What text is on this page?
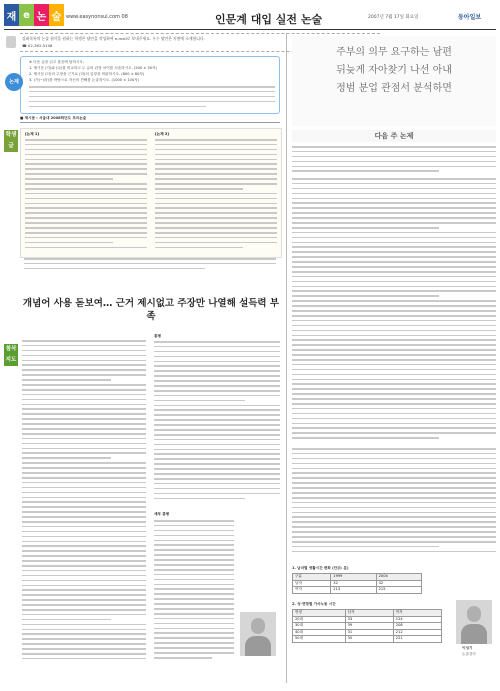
재 e 논 술 www.easynonsul.com 08	인문계 대입 실전 논술	2007년 7월 17일 화요일	동아일보
강좌목록의 논술 첨삭을 원하는 학생은 답안을 작성하여 e-mail로 보내주세요. 우수 답안은 지면에 소개합니다.
☎ 02-362-5108
논제
※ 다음 글을 읽고 물음에 답하시오.
1. 제시문 (가)와 (나)를 비교하고 두 글의 관점 차이를 서술하시오. (500 ± 50자)
2. 제시문 (다)의 주장을 근거로 (라)의 입장을 비판하시오. (800 ± 80자)
3. (가)~(라)를 바탕으로 자신의 견해를 논술하시오. (1000 ± 100자)
■ 제시문 : 서울대 2008학년도 모의논술
학생글
[논제 1]	[논제 2]
개념어 사용 돋보여… 근거 제시없고 주장만 나열해 설득력 부족
첨삭지도
총평
세부 총평
주부의 의무 요구하는 남편
뒤늦게 자아찾기 나선 아내
정범 분업 관점서 분석하면
다음 주 논제
1. 남녀별 생활시간 변화 (단위: 분)
구분	1999	2004
남자	32	32
여자	213	215
2. 성·연령별 가사노동 시간
연령	남자	여자
20대	33	124
30대	39	208
40대	31	212
50대	35	221
이성기
논술강사
